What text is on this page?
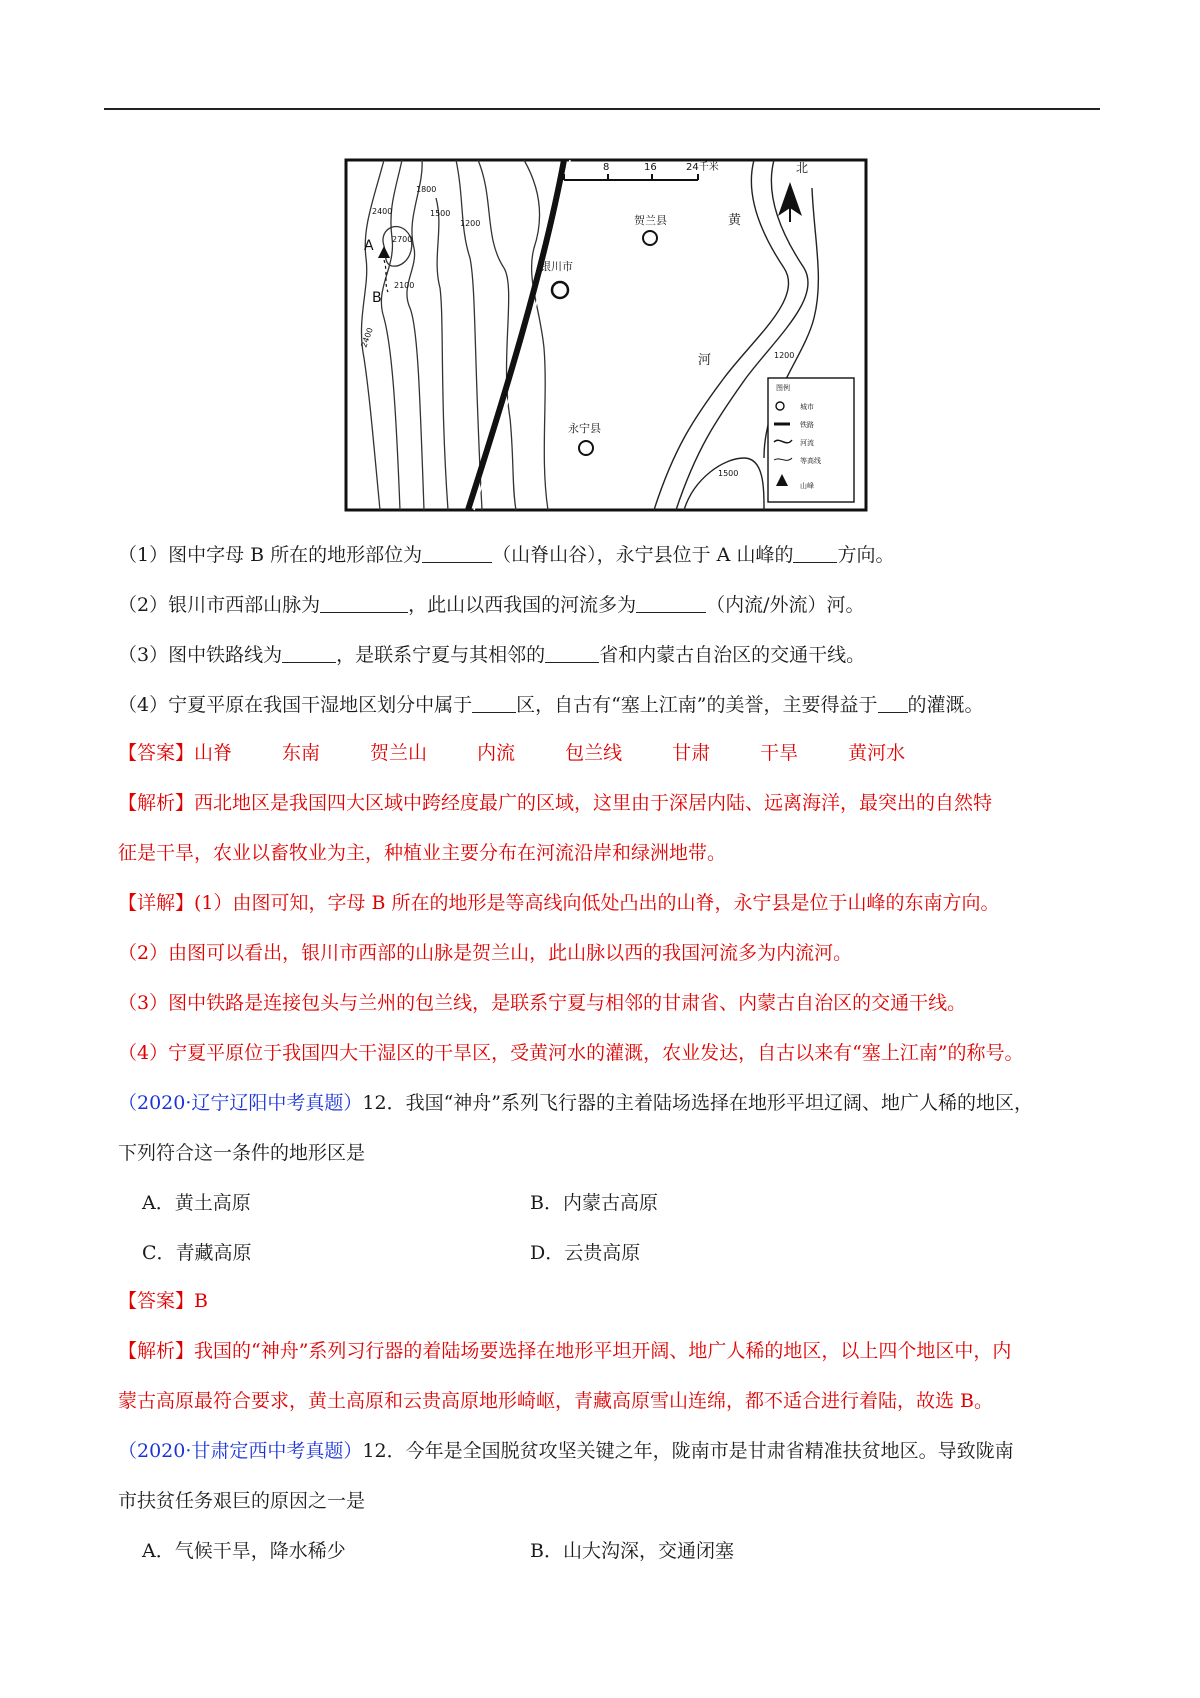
0	8	16	24千米	北
1800
2400	1500
1200
2700
2100
2400
1200
1500
A
B
贺兰县
银川市
永宁县
黄
河
图例
城市
铁路
河流
等高线
山峰
（1）图中字母 B 所在的地形部位为	（山脊山谷），永宁县位于 A 山峰的 方向。
（2）银川市西部山脉为	，此山以西我国的河流多为	（内流/外流）河。
（3）图中铁路线为	，是联系宁夏与其相邻的	省和内蒙古自治区的交通干线。
（4）宁夏平原在我国干湿地区划分中属于 区，自古有“塞上江南”的美誉，主要得益于 的灌溉。
【答案】山脊	东南	贺兰山	内流	包兰线	甘肃	干旱	黄河水
【解析】西北地区是我国四大区域中跨经度最广的区域，这里由于深居内陆、远离海洋，最突出的自然特
征是干旱，农业以畜牧业为主，种植业主要分布在河流沿岸和绿洲地带。
【详解】(1）由图可知，字母 B 所在的地形是等高线向低处凸出的山脊，永宁县是位于山峰的东南方向。
（2）由图可以看出，银川市西部的山脉是贺兰山，此山脉以西的我国河流多为内流河。
（3）图中铁路是连接包头与兰州的包兰线，是联系宁夏与相邻的甘肃省、内蒙古自治区的交通干线。
（4）宁夏平原位于我国四大干湿区的干旱区，受黄河水的灌溉，农业发达，自古以来有“塞上江南”的称号。
（2020·辽宁辽阳中考真题）12．我国“神舟”系列飞行器的主着陆场选择在地形平坦辽阔、地广人稀的地区，
下列符合这一条件的地形区是
A．黄土高原	B．内蒙古高原
C．青藏高原	D．云贵高原
【答案】B
【解析】我国的“神舟”系列习行器的着陆场要选择在地形平坦开阔、地广人稀的地区，以上四个地区中，内
蒙古高原最符合要求，黄土高原和云贵高原地形崎岖，青藏高原雪山连绵，都不适合进行着陆，故选 B。
（2020·甘肃定西中考真题）12．今年是全国脱贫攻坚关键之年，陇南市是甘肃省精准扶贫地区。导致陇南
市扶贫任务艰巨的原因之一是
A．气候干旱，降水稀少	B．山大沟深，交通闭塞
